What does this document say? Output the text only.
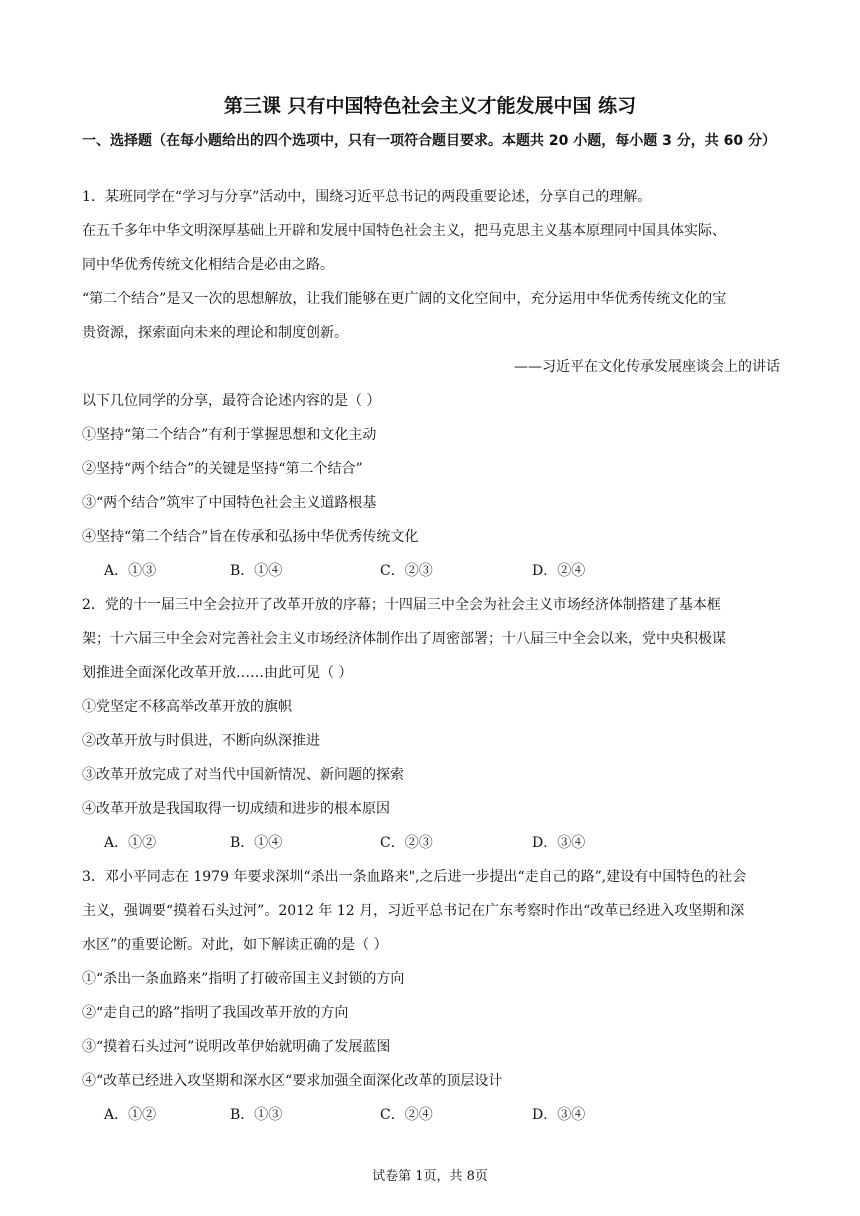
第三课 只有中国特色社会主义才能发展中国 练习
一、选择题（在每小题给出的四个选项中，只有一项符合题目要求。本题共 20 小题，每小题 3 分，共 60 分）
1．某班同学在“学习与分享”活动中，围绕习近平总书记的两段重要论述，分享自己的理解。
在五千多年中华文明深厚基础上开辟和发展中国特色社会主义，把马克思主义基本原理同中国具体实际、
同中华优秀传统文化相结合是必由之路。
“第二个结合”是又一次的思想解放，让我们能够在更广阔的文化空间中，充分运用中华优秀传统文化的宝
贵资源，探索面向未来的理论和制度创新。
——习近平在文化传承发展座谈会上的讲话
以下几位同学的分享，最符合论述内容的是（ ）
①坚持“第二个结合”有利于掌握思想和文化主动
②坚持“两个结合”的关键是坚持“第二个结合”
③“两个结合”筑牢了中国特色社会主义道路根基
④坚持“第二个结合”旨在传承和弘扬中华优秀传统文化
A．①③	B．①④	C．②③	D．②④
2．党的十一届三中全会拉开了改革开放的序幕；十四届三中全会为社会主义市场经济体制搭建了基本框
架；十六届三中全会对完善社会主义市场经济体制作出了周密部署；十八届三中全会以来，党中央积极谋
划推进全面深化改革开放……由此可见（ ）
①党坚定不移高举改革开放的旗帜
②改革开放与时俱进，不断向纵深推进
③改革开放完成了对当代中国新情况、新问题的探索
④改革开放是我国取得一切成绩和进步的根本原因
A．①②	B．①④	C．②③	D．③④
3．邓小平同志在 1979 年要求深圳“杀出一条血路来",之后进一步提出“走自己的路”,建设有中国特色的社会
主义，强调要“摸着石头过河”。2012 年 12 月，习近平总书记在广东考察时作出“改革已经进入攻坚期和深
水区”的重要论断。对此，如下解读正确的是（ ）
①“杀出一条血路来”指明了打破帝国主义封锁的方向
②“走自己的路”指明了我国改革开放的方向
③“摸着石头过河”说明改革伊始就明确了发展蓝图
④“改革已经进入攻坚期和深水区“要求加强全面深化改革的顶层设计
A．①②	B．①③	C．②④	D．③④
试卷第 1页，共 8页
